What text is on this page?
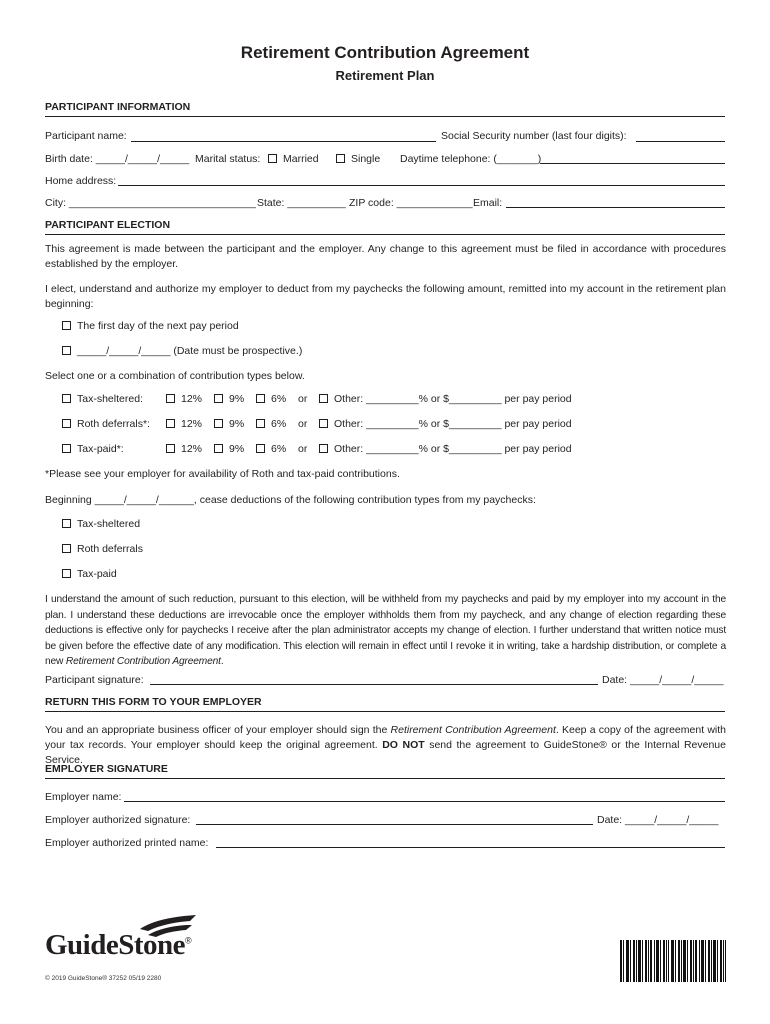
Retirement Contribution Agreement
Retirement Plan
PARTICIPANT INFORMATION
Participant name:	Social Security number (last four digits):
Birth date: _____/_____/_____ Marital status:	Married	Single Daytime telephone: (_______)
Home address:
City: ________________________________ State: __________ ZIP code: _____________ Email:
PARTICIPANT ELECTION
This agreement is made between the participant and the employer. Any change to this agreement must be filed in accordance with procedures established by the employer.
I elect, understand and authorize my employer to deduct from my paychecks the following amount, remitted into my account in the retirement plan beginning:
The first day of the next pay period
_____/_____/_____ (Date must be prospective.)
Select one or a combination of contribution types below.
Tax-sheltered:	12%	9%	6% or	Other: _________% or $_________ per pay period
Roth deferrals*:	12%	9%	6% or	Other: _________% or $_________ per pay period
Tax-paid*:	12%	9%	6% or	Other: _________% or $_________ per pay period
*Please see your employer for availability of Roth and tax-paid contributions.
Beginning _____/_____/______, cease deductions of the following contribution types from my paychecks:
Tax-sheltered
Roth deferrals
Tax-paid
I understand the amount of such reduction, pursuant to this election, will be withheld from my paychecks and paid by my employer into my account in the plan. I understand these deductions are irrevocable once the employer withholds them from my paycheck, and any change of election regarding these deductions is effective only for paychecks I receive after the plan administrator accepts my change of election. I further understand that written notice must be given before the effective date of any modification. This election will remain in effect until I revoke it in writing, take a hardship distribution, or complete a new Retirement Contribution Agreement.
Participant signature:	Date: _____/_____/_____
RETURN THIS FORM TO YOUR EMPLOYER
You and an appropriate business officer of your employer should sign the Retirement Contribution Agreement. Keep a copy of the agreement with your tax records. Your employer should keep the original agreement. DO NOT send the agreement to GuideStone® or the Internal Revenue Service.
EMPLOYER SIGNATURE
Employer name:
Employer authorized signature:	Date: _____/_____/_____
Employer authorized printed name:
GuideStone®
© 2019 GuideStone® 37252 05/19 2280
